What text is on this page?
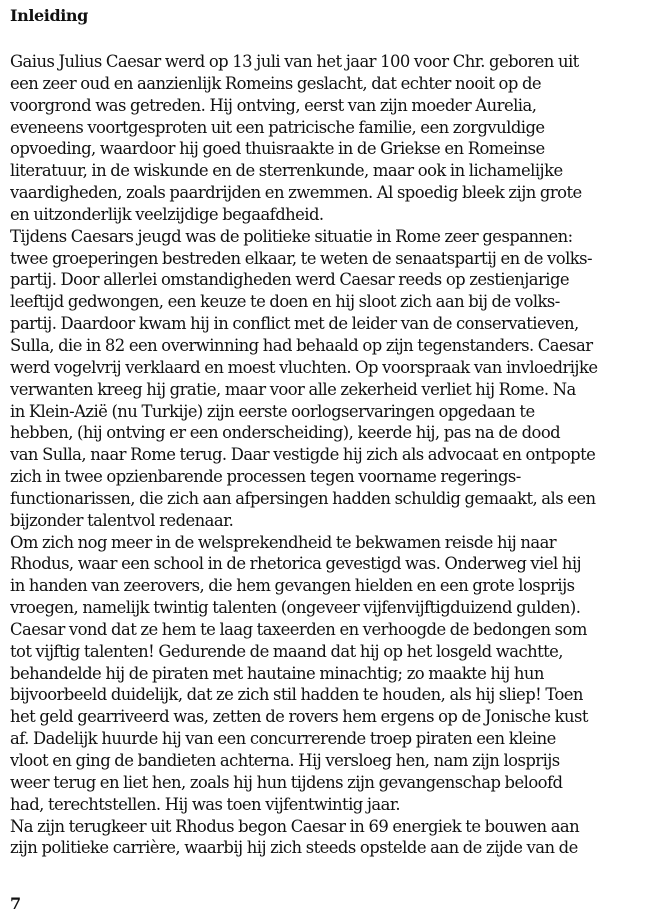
Inleiding
Gaius Julius Caesar werd op 13 juli van het jaar 100 voor Chr. geboren uit
een zeer oud en aanzienlijk Romeins geslacht, dat echter nooit op de
voorgrond was getreden. Hij ontving, eerst van zijn moeder Aurelia,
eveneens voortgesproten uit een patricische familie, een zorgvuldige
opvoeding, waardoor hij goed thuisraakte in de Griekse en Romeinse
literatuur, in de wiskunde en de sterrenkunde, maar ook in lichamelijke
vaardigheden, zoals paardrijden en zwemmen. Al spoedig bleek zijn grote
en uitzonderlijk veelzijdige begaafdheid.
Tijdens Caesars jeugd was de politieke situatie in Rome zeer gespannen:
twee groeperingen bestreden elkaar, te weten de senaatspartij en de volks-
partij. Door allerlei omstandigheden werd Caesar reeds op zestienjarige
leeftijd gedwongen, een keuze te doen en hij sloot zich aan bij de volks-
partij. Daardoor kwam hij in conflict met de leider van de conservatieven,
Sulla, die in 82 een overwinning had behaald op zijn tegenstanders. Caesar
werd vogelvrij verklaard en moest vluchten. Op voorspraak van invloedrijke
verwanten kreeg hij gratie, maar voor alle zekerheid verliet hij Rome. Na
in Klein-Azië (nu Turkije) zijn eerste oorlogservaringen opgedaan te
hebben, (hij ontving er een onderscheiding), keerde hij, pas na de dood
van Sulla, naar Rome terug. Daar vestigde hij zich als advocaat en ontpopte
zich in twee opzienbarende processen tegen voorname regerings-
functionarissen, die zich aan afpersingen hadden schuldig gemaakt, als een
bijzonder talentvol redenaar.
Om zich nog meer in de welsprekendheid te bekwamen reisde hij naar
Rhodus, waar een school in de rhetorica gevestigd was. Onderweg viel hij
in handen van zeerovers, die hem gevangen hielden en een grote losprijs
vroegen, namelijk twintig talenten (ongeveer vijfenvijftigduizend gulden).
Caesar vond dat ze hem te laag taxeerden en verhoogde de bedongen som
tot vijftig talenten! Gedurende de maand dat hij op het losgeld wachtte,
behandelde hij de piraten met hautaine minachtig; zo maakte hij hun
bijvoorbeeld duidelijk, dat ze zich stil hadden te houden, als hij sliep! Toen
het geld gearriveerd was, zetten de rovers hem ergens op de Jonische kust
af. Dadelijk huurde hij van een concurrerende troep piraten een kleine
vloot en ging de bandieten achterna. Hij versloeg hen, nam zijn losprijs
weer terug en liet hen, zoals hij hun tijdens zijn gevangenschap beloofd
had, terechtstellen. Hij was toen vijfentwintig jaar.
Na zijn terugkeer uit Rhodus begon Caesar in 69 energiek te bouwen aan
zijn politieke carrière, waarbij hij zich steeds opstelde aan de zijde van de
7
